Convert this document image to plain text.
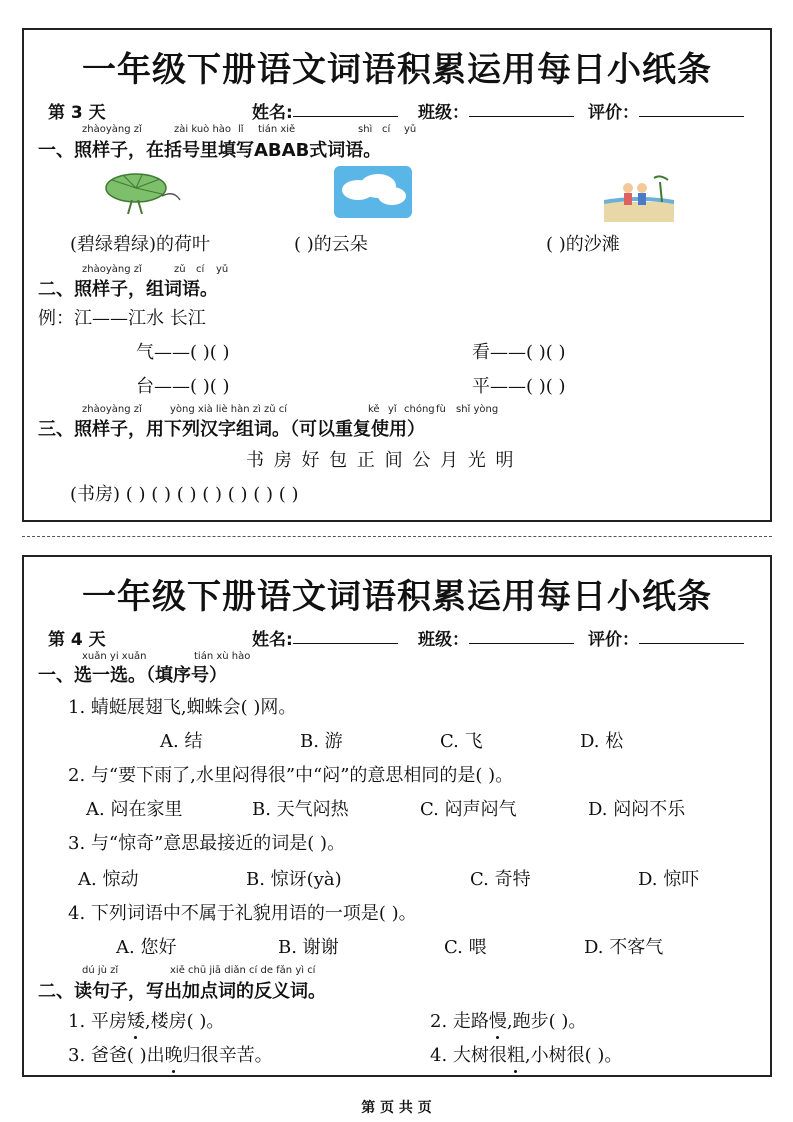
一年级下册语文词语积累运用每日小纸条
第 3 天	姓名:	班级：	评价：
zhàoyàng zǐ	zài kuò hào lǐ tián xiě	shì cí yǔ
一、照样子，在括号里填写ABAB式词语。
(碧绿碧绿)的荷叶	( )的云朵	( )的沙滩
zhàoyàng zǐ	zǔ cí yǔ
二、照样子，组词语。
例：江——江水 长江
气——( )( )	看——( )( )
台——( )( )	平——( )( )
zhàoyàng zǐ	yòng xià liè hàn zì zǔ cí	kě yǐ chóng fù shǐ yòng
三、照样子，用下列汉字组词。（可以重复使用）
书 房 好 包 正 间 公 月 光 明
(书房) ( ) ( ) ( ) ( ) ( ) ( ) ( )
一年级下册语文词语积累运用每日小纸条
第 4 天	姓名:	班级：	评价：
xuǎn yi xuǎn	tián xù hào
一、选一选。（填序号）
1. 蜻蜓展翅飞,蜘蛛会( )网。
A. 结	B. 游	C. 飞	D. 松
2. 与“要下雨了,水里闷得很”中“闷”的意思相同的是( )。
A. 闷在家里	B. 天气闷热	C. 闷声闷气	D. 闷闷不乐
3. 与“惊奇”意思最接近的词是( )。
A. 惊动	B. 惊讶(yà)	C. 奇特	D. 惊吓
4. 下列词语中不属于礼貌用语的一项是( )。
A. 您好	B. 谢谢	C. 喂	D. 不客气
dú jù zǐ	xiě chū jiā diǎn cí de fǎn yì cí
二、读句子，写出加点词的反义词。
1. 平房矮,楼房( )。	2. 走路慢,跑步( )。
3. 爸爸( )出晚归很辛苦。	4. 大树很粗,小树很( )。
第 页 共 页
